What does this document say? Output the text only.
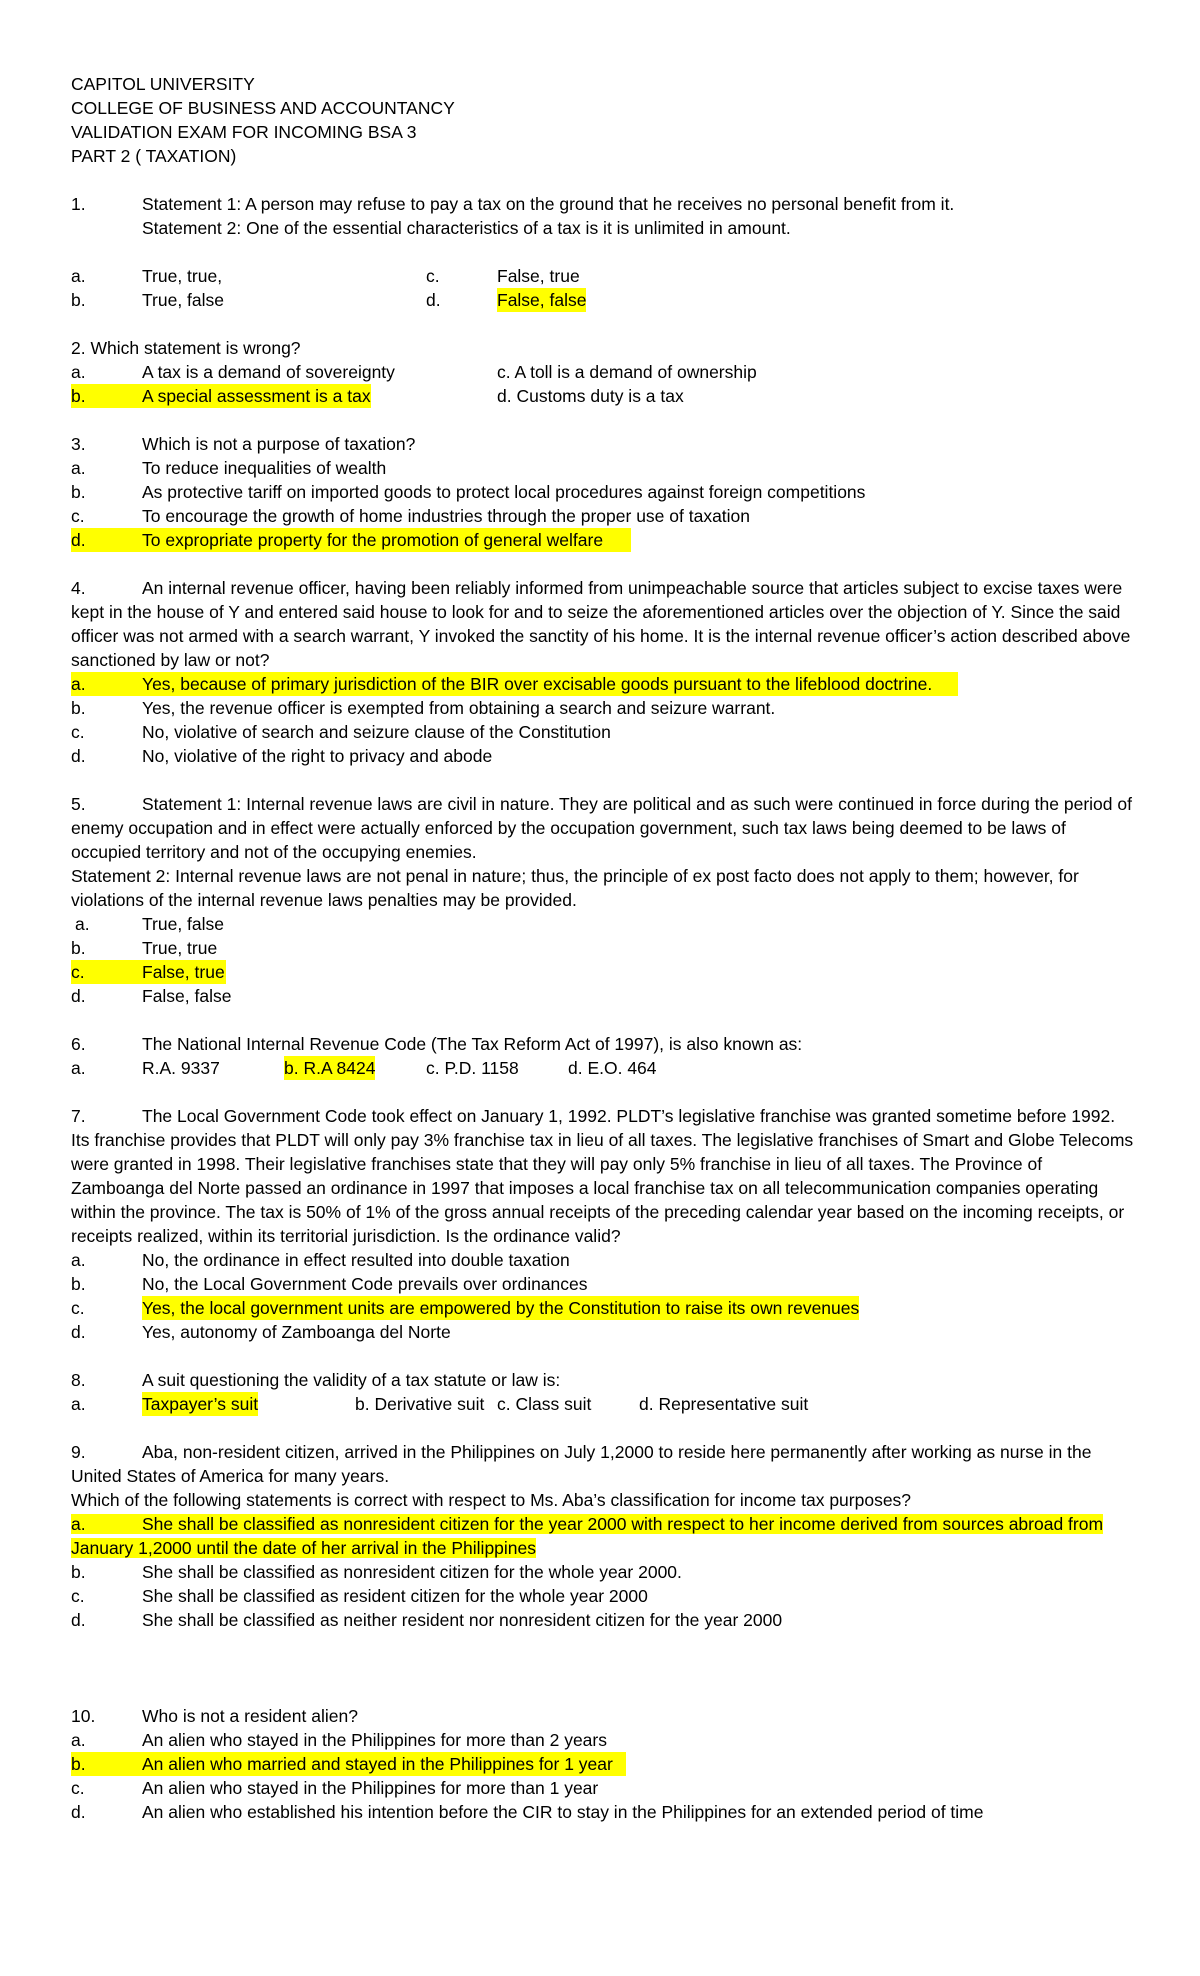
CAPITOL UNIVERSITY
COLLEGE OF BUSINESS AND ACCOUNTANCY
VALIDATION EXAM FOR INCOMING BSA 3
PART 2 ( TAXATION)
1.	Statement 1: A person may refuse to pay a tax on the ground that he receives no personal benefit from it.
Statement 2: One of the essential characteristics of a tax is it is unlimited in amount.
a.	True, true,	c.	False, true
b.	True, false	d.	False, false
2. Which statement is wrong?
a.	A tax is a demand of sovereignty	c. A toll is a demand of ownership
b.	A special assessment is a tax	d. Customs duty is a tax
3.	Which is not a purpose of taxation?
a.	To reduce inequalities of wealth
b.	As protective tariff on imported goods to protect local procedures against foreign competitions
c.	To encourage the growth of home industries through the proper use of taxation
d.	To expropriate property for the promotion of general welfare
4.	An internal revenue officer, having been reliably informed from unimpeachable source that articles subject to excise taxes were kept in the house of Y and entered said house to look for and to seize the aforementioned articles over the objection of Y. Since the said officer was not armed with a search warrant, Y invoked the sanctity of his home. It is the internal revenue officer’s action described above sanctioned by law or not?
a.	Yes, because of primary jurisdiction of the BIR over excisable goods pursuant to the lifeblood doctrine.
b.	Yes, the revenue officer is exempted from obtaining a search and seizure warrant.
c.	No, violative of search and seizure clause of the Constitution
d.	No, violative of the right to privacy and abode
5.	Statement 1: Internal revenue laws are civil in nature. They are political and as such were continued in force during the period of enemy occupation and in effect were actually enforced by the occupation government, such tax laws being deemed to be laws of occupied territory and not of the occupying enemies.
Statement 2: Internal revenue laws are not penal in nature; thus, the principle of ex post facto does not apply to them; however, for violations of the internal revenue laws penalties may be provided.
a.	True, false
b.	True, true
c.	False, true
d.	False, false
6.	The National Internal Revenue Code (The Tax Reform Act of 1997), is also known as:
a.	R.A. 9337	b. R.A 8424	c. P.D. 1158	d. E.O. 464
7.	The Local Government Code took effect on January 1, 1992. PLDT’s legislative franchise was granted sometime before 1992. Its franchise provides that PLDT will only pay 3% franchise tax in lieu of all taxes. The legislative franchises of Smart and Globe Telecoms were granted in 1998. Their legislative franchises state that they will pay only 5% franchise in lieu of all taxes. The Province of Zamboanga del Norte passed an ordinance in 1997 that imposes a local franchise tax on all telecommunication companies operating within the province. The tax is 50% of 1% of the gross annual receipts of the preceding calendar year based on the incoming receipts, or receipts realized, within its territorial jurisdiction. Is the ordinance valid?
a.	No, the ordinance in effect resulted into double taxation
b.	No, the Local Government Code prevails over ordinances
c.	Yes, the local government units are empowered by the Constitution to raise its own revenues
d.	Yes, autonomy of Zamboanga del Norte
8.	A suit questioning the validity of a tax statute or law is:
a.	Taxpayer’s suit	b. Derivative suit c. Class suit	d. Representative suit
9.	Aba, non-resident citizen, arrived in the Philippines on July 1,2000 to reside here permanently after working as nurse in the United States of America for many years.
Which of the following statements is correct with respect to Ms. Aba’s classification for income tax purposes?
a.	She shall be classified as nonresident citizen for the year 2000 with respect to her income derived from sources abroad from January 1,2000 until the date of her arrival in the Philippines
b.	She shall be classified as nonresident citizen for the whole year 2000.
c.	She shall be classified as resident citizen for the whole year 2000
d.	She shall be classified as neither resident nor nonresident citizen for the year 2000
10.	Who is not a resident alien?
a.	An alien who stayed in the Philippines for more than 2 years
b.	An alien who married and stayed in the Philippines for 1 year
c.	An alien who stayed in the Philippines for more than 1 year
d.	An alien who established his intention before the CIR to stay in the Philippines for an extended period of time
